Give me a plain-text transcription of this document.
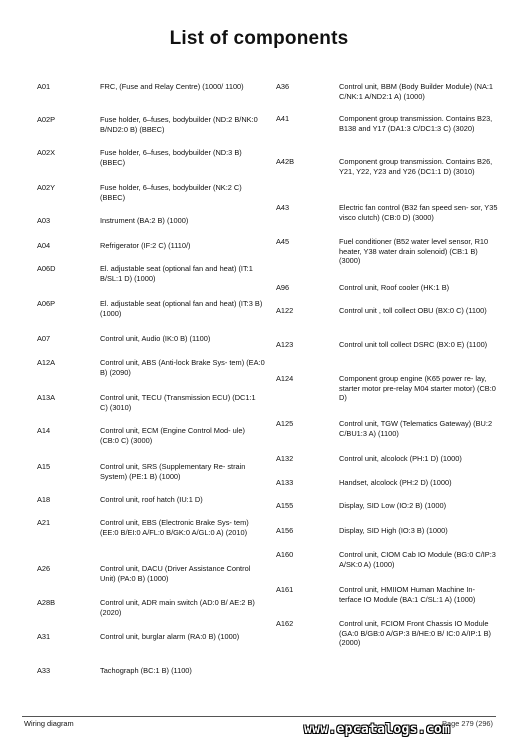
List of components
A01	FRC, (Fuse and Relay Centre) (1000/ 1100)
A02P	Fuse holder, 6–fuses, bodybuilder (ND:2 B/NK:0 B/ND2:0 B) (BBEC)
A02X	Fuse holder, 6–fuses, bodybuilder (ND:3 B) (BBEC)
A02Y	Fuse holder, 6–fuses, bodybuilder (NK:2 C) (BBEC)
A03	Instrument (BA:2 B) (1000)
A04	Refrigerator (IF:2 C) (1110/)
A06D	El. adjustable seat (optional fan and heat) (IT:1 B/SL:1 D) (1000)
A06P	El. adjustable seat (optional fan and heat) (IT:3 B) (1000)
A07	Control unit, Audio (IK:0 B) (1100)
A12A	Control unit, ABS (Anti-lock Brake Sys- tem) (EA:0 B) (2090)
A13A	Control unit, TECU (Transmission ECU) (DC1:1 C) (3010)
A14	Control unit, ECM (Engine Control Mod- ule) (CB:0 C) (3000)
A15	Control unit, SRS (Supplementary Re- strain System) (PE:1 B) (1000)
A18	Control unit, roof hatch (IU:1 D)
A21	Control unit, EBS (Electronic Brake Sys- tem) (EE:0 B/EI:0 A/FL:0 B/GK:0 A/GL:0 A) (2010)
A26	Control unit, DACU (Driver Assistance Control Unit) (PA:0 B) (1000)
A28B	Control unit, ADR main switch (AD:0 B/ AE:2 B) (2020)
A31	Control unit, burglar alarm (RA:0 B) (1000)
A33	Tachograph (BC:1 B) (1100)
A36	Control unit, BBM (Body Builder Module) (NA:1 C/NK:1 A/ND2:1 A) (1000)
A41	Component group transmission. Contains B23, B138 and Y17 (DA1:3 C/DC1:3 C) (3020)
A42B	Component group transmission. Contains B26, Y21, Y22, Y23 and Y26 (DC1:1 D) (3010)
A43	Electric fan control (B32 fan speed sen- sor, Y35 visco clutch) (CB:0 D) (3000)
A45	Fuel conditioner (B52 water level sensor, R10 heater, Y38 water drain solenoid) (CB:1 B) (3000)
A96	Control unit, Roof cooler (HK:1 B)
A122	Control unit , toll collect OBU (BX:0 C) (1100)
A123	Control unit toll collect DSRC (BX:0 E) (1100)
A124	Component group engine (K65 power re- lay, starter motor pre-relay M04 starter motor) (CB:0 D)
A125	Control unit, TGW (Telematics Gateway) (BU:2 C/BU1:3 A) (1100)
A132	Control unit, alcolock (PH:1 D) (1000)
A133	Handset, alcolock (PH:2 D) (1000)
A155	Display, SID Low (IO:2 B) (1000)
A156	Display, SID High (IO:3 B) (1000)
A160	Control unit, CIOM Cab IO Module (BG:0 C/IP:3 A/SK:0 A) (1000)
A161	Control unit, HMIIOM Human Machine In- terface IO Module (BA:1 C/SL:1 A) (1000)
A162	Control unit, FCIOM Front Chassis IO Module (GA:0 B/GB:0 A/GP:3 B/HE:0 B/ IC:0 A/IP:1 B) (2000)
Wiring diagram	Page 279 (296)
www.epcatalogs.com
